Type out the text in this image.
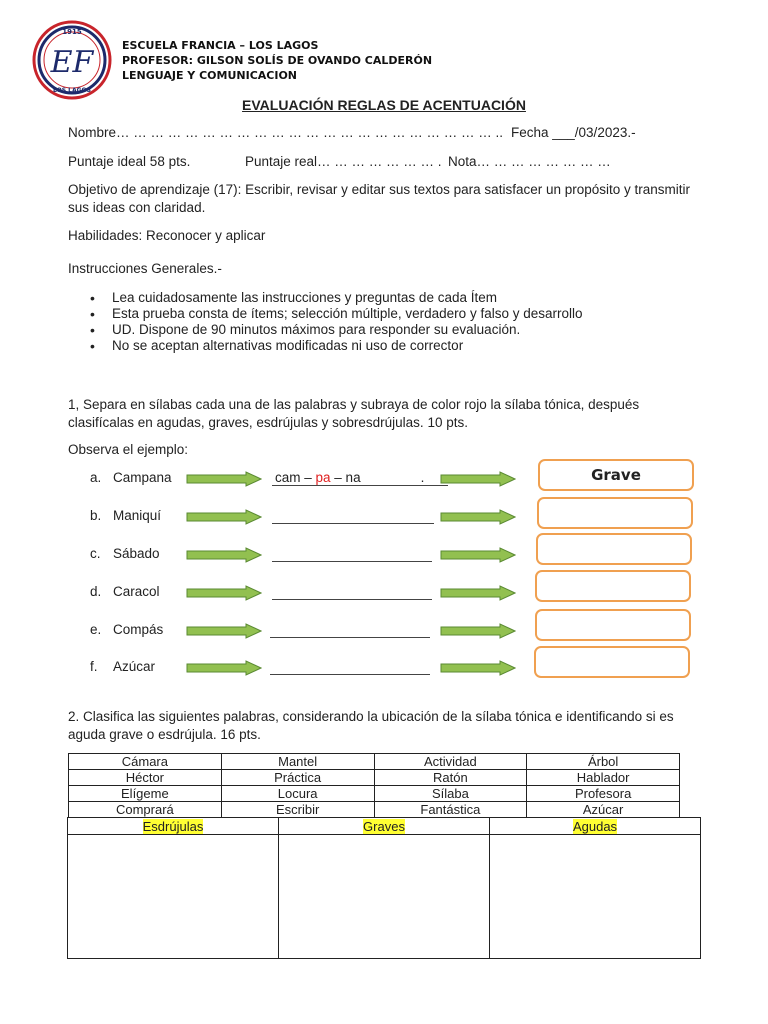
1915
LOS LAGOS
EF	ESCUELA FRANCIA – LOS LAGOS
PROFESOR: GILSON SOLÍS DE OVANDO CALDERÓN
LENGUAJE Y COMUNICACION
EVALUACIÓN REGLAS DE ACENTUACIÓN
Nombre… … … … … … … … … … … … … … … … … … … … … … .. Fecha ___/03/2023.-
Puntaje ideal 58 pts.	Puntaje real… … … … … … … . Nota… … … … … … … …
Objetivo de aprendizaje (17): Escribir, revisar y editar sus textos para satisfacer un propósito y transmitir sus ideas con claridad.
Habilidades: Reconocer y aplicar
Instrucciones Generales.-
• Lea cuidadosamente las instrucciones y preguntas de cada Ítem
• Esta prueba consta de ítems; selección múltiple, verdadero y falso y desarrollo
• UD. Dispone de 90 minutos máximos para responder su evaluación.
• No se aceptan alternativas modificadas ni uso de corrector
1, Separa en sílabas cada una de las palabras y subraya de color rojo la sílaba tónica, después clasifícalas en agudas, graves, esdrújulas y sobresdrújulas. 10 pts.
Observa el ejemplo:
a. Campana	cam – pa – na	.	Grave
b. Maniquí
c. Sábado
d. Caracol
e. Compás
f. Azúcar
2. Clasifica las siguientes palabras, considerando la ubicación de la sílaba tónica e identificando si es aguda grave o esdrújula. 16 pts.
Cámara	Mantel	Actividad	Árbol
Héctor	Práctica	Ratón	Hablador
Elígeme	Locura	Sílaba	Profesora
Comprará	Escribir	Fantástica	Azúcar
Esdrújulas	Graves	Agudas
